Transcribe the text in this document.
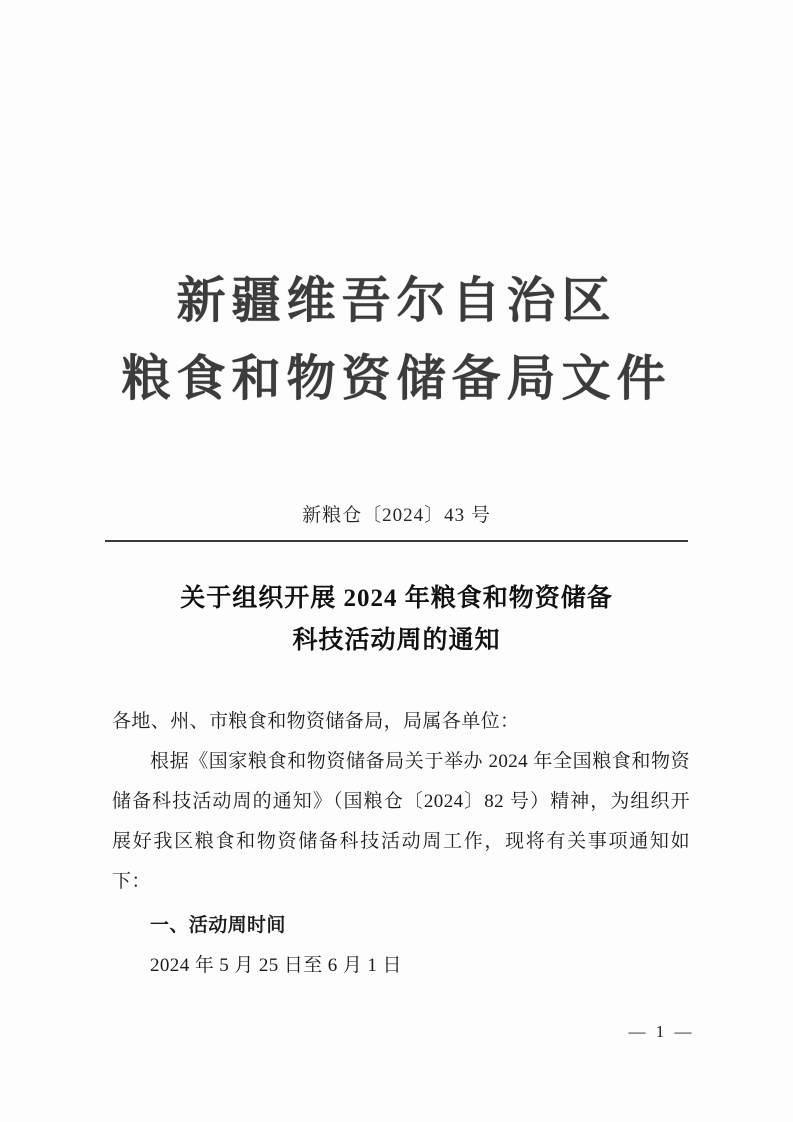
新疆维吾尔自治区
粮食和物资储备局文件
新粮仓〔2024〕43 号
关于组织开展 2024 年粮食和物资储备
科技活动周的通知
各地、州、市粮食和物资储备局，局属各单位：
根据《国家粮食和物资储备局关于举办 2024 年全国粮食和物资储备科技活动周的通知》（国粮仓〔2024〕82 号）精神，为组织开展好我区粮食和物资储备科技活动周工作，现将有关事项通知如下：
一、活动周时间
2024 年 5 月 25 日至 6 月 1 日
— 1 —
